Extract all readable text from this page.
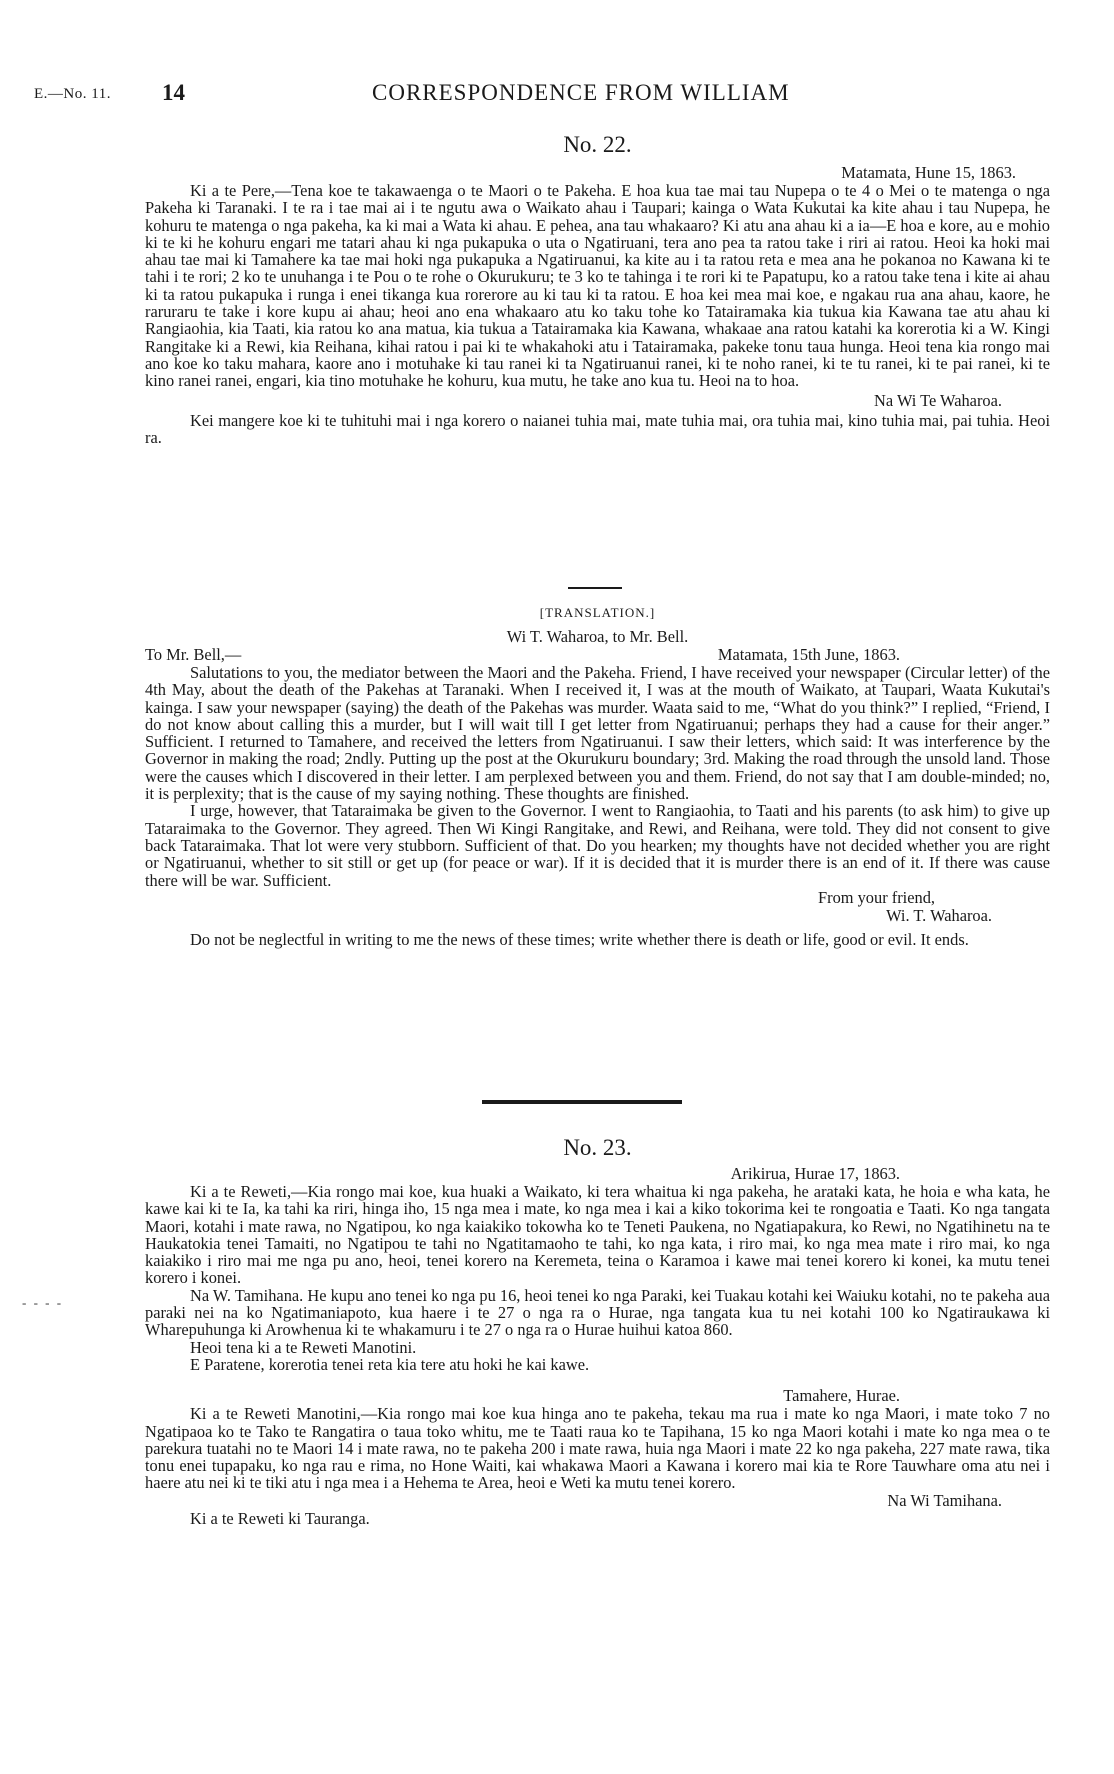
E.—No. 11. 14	CORRESPONDENCE FROM WILLIAM
No. 22.
Matamata, Hune 15, 1863.

Ki a te Pere,—Tena koe te takawaenga o te Maori o te Pakeha. E hoa kua tae mai tau Nupepa o te 4 o Mei o te matenga o nga Pakeha ki Taranaki. I te ra i tae mai ai i te ngutu awa o Waikato ahau i Taupari; kainga o Wata Kukutai ka kite ahau i tau Nupepa, he kohuru te matenga o nga pakeha, ka ki mai a Wata ki ahau. E pehea, ana tau whakaaro? Ki atu ana ahau ki a ia—E hoa e kore, au e mohio ki te ki he kohuru engari me tatari ahau ki nga pukapuka o uta o Ngatiruani, tera ano pea ta ratou take i riri ai ratou. Heoi ka hoki mai ahau tae mai ki Tamahere ka tae mai hoki nga pukapuka a Ngatiruanui, ka kite au i ta ratou reta e mea ana he pokanoa no Kawana ki te tahi i te rori; 2 ko te unuhanga i te Pou o te rohe o Okurukuru; te 3 ko te tahinga i te rori ki te Papatupu, ko a ratou take tena i kite ai ahau ki ta ratou pukapuka i runga i enei tikanga kua rorerore au ki tau ki ta ratou. E hoa kei mea mai koe, e ngakau rua ana ahau, kaore, he raruraru te take i kore kupu ai ahau; heoi ano ena whakaaro atu ko taku tohe ko Tatairamaka kia tukua kia Kawana tae atu ahau ki Rangiaohia, kia Taati, kia ratou ko ana matua, kia tukua a Tatairamaka kia Kawana, whakaae ana ratou katahi ka korerotia ki a W. Kingi Rangitake ki a Rewi, kia Reihana, kihai ratou i pai ki te whakahoki atu i Tatairamaka, pakeke tonu taua hunga. Heoi tena kia rongo mai ano koe ko taku mahara, kaore ano i motuhake ki tau ranei ki ta Ngatiruanui ranei, ki te noho ranei, ki te tu ranei, ki te pai ranei, ki te kino ranei ranei, engari, kia tino motuhake he kohuru, kua mutu, he take ano kua tu. Heoi na to hoa.

Na Wi Te Waharoa.

Kei mangere koe ki te tuhituhi mai i nga korero o naianei tuhia mai, mate tuhia mai, ora tuhia mai, kino tuhia mai, pai tuhia. Heoi ra.

[TRANSLATION.]
Wi T. Waharoa, to Mr. Bell.
To Mr. Bell,—	Matamata, 15th June, 1863.

Salutations to you, the mediator between the Maori and the Pakeha. Friend, I have received your newspaper (Circular letter) of the 4th May, about the death of the Pakehas at Taranaki. When I received it, I was at the mouth of Waikato, at Taupari, Waata Kukutai's kainga. I saw your newspaper (saying) the death of the Pakehas was murder. Waata said to me, “What do you think?” I replied, “Friend, I do not know about calling this a murder, but I will wait till I get letter from Ngatiruanui; perhaps they had a cause for their anger.” Sufficient. I returned to Tamahere, and received the letters from Ngatiruanui. I saw their letters, which said: It was interference by the Governor in making the road; 2ndly. Putting up the post at the Okurukuru boundary; 3rd. Making the road through the unsold land. Those were the causes which I discovered in their letter. I am perplexed between you and them. Friend, do not say that I am double-minded; no, it is perplexity; that is the cause of my saying nothing. These thoughts are finished.

I urge, however, that Tataraimaka be given to the Governor. I went to Rangiaohia, to Taati and his parents (to ask him) to give up Tataraimaka to the Governor. They agreed. Then Wi Kingi Rangitake, and Rewi, and Reihana, were told. They did not consent to give back Tataraimaka. That lot were very stubborn. Sufficient of that. Do you hearken; my thoughts have not decided whether you are right or Ngatiruanui, whether to sit still or get up (for peace or war). If it is decided that it is murder there is an end of it. If there was cause there will be war. Sufficient.

From your friend,
Wi. T. Waharoa.

Do not be neglectful in writing to me the news of these times; write whether there is death or life, good or evil. It ends.

No. 23.
Arikirua, Hurae 17, 1863.

Ki a te Reweti,—Kia rongo mai koe, kua huaki a Waikato, ki tera whaitua ki nga pakeha, he arataki kata, he hoia e wha kata, he kawe kai ki te Ia, ka tahi ka riri, hinga iho, 15 nga mea i mate, ko nga mea i kai a kiko tokorima kei te rongoatia e Taati. Ko nga tangata Maori, kotahi i mate rawa, no Ngatipou, ko nga kaiakiko tokowha ko te Teneti Paukena, no Ngatiapakura, ko Rewi, no Ngatihinetu na te Haukatokia tenei Tamaiti, no Ngatipou te tahi no Ngatitamaoho te tahi, ko nga kata, i riro mai, ko nga mea mate i riro mai, ko nga kaiakiko i riro mai me nga pu ano, heoi, tenei korero na Keremeta, teina o Karamoa i kawe mai tenei korero ki konei, ka mutu tenei korero i konei.

Na W. Tamihana. He kupu ano tenei ko nga pu 16, heoi tenei ko nga Paraki, kei Tuakau kotahi kei Waiuku kotahi, no te pakeha aua paraki nei na ko Ngatimaniapoto, kua haere i te 27 o nga ra o Hurae, nga tangata kua tu nei kotahi 100 ko Ngatiraukawa ki Wharepuhunga ki Arowhenua ki te whakamuru i te 27 o nga ra o Hurae huihui katoa 860.

Heoi tena ki a te Reweti Manotini.

E Paratene, korerotia tenei reta kia tere atu hoki he kai kawe.

Tamahere, Hurae.

Ki a te Reweti Manotini,—Kia rongo mai koe kua hinga ano te pakeha, tekau ma rua i mate ko nga Maori, i mate toko 7 no Ngatipaoa ko te Tako te Rangatira o taua toko whitu, me te Taati raua ko te Tapihana, 15 ko nga Maori kotahi i mate ko nga mea o te parekura tuatahi no te Maori 14 i mate rawa, no te pakeha 200 i mate rawa, huia nga Maori i mate 22 ko nga pakeha, 227 mate rawa, tika tonu enei tupapaku, ko nga rau e rima, no Hone Waiti, kai whakawa Maori a Kawana i korero mai kia te Rore Tauwhare oma atu nei i haere atu nei ki te tiki atu i nga mea i a Hehema te Area, heoi e Weti ka mutu tenei korero.

Na Wi Tamihana.

Ki a te Reweti ki Tauranga.

- - - -
